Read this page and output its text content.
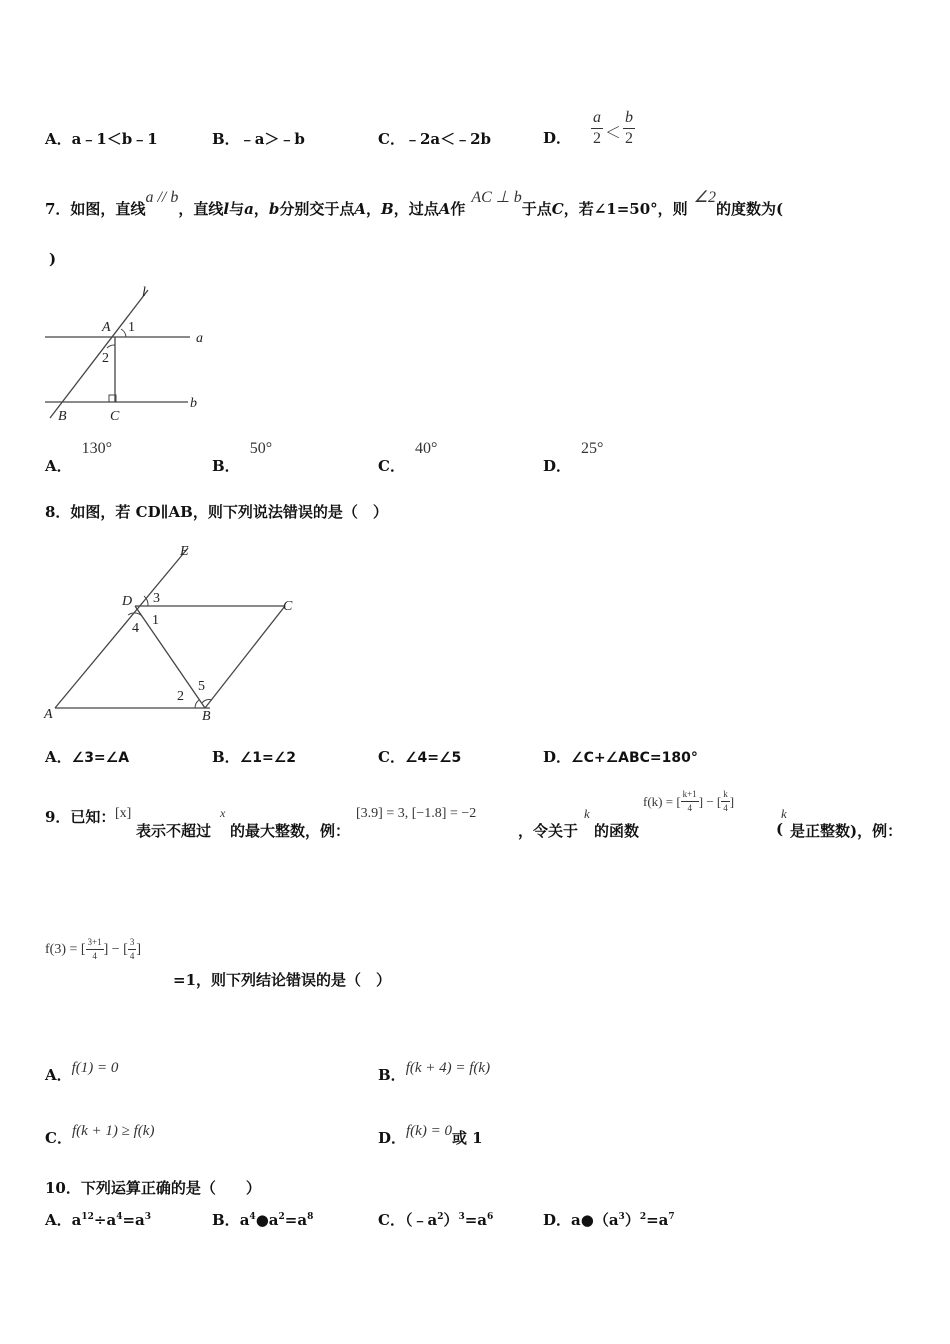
A．a﹣1＜b﹣1	B．﹣a＞﹣b	C．﹣2a＜﹣2b	D． $\frac{a}{2} < \frac{b}{2}$
7．如图，直线a // b，直线l与a，b分别交于点A，B，过点A作AC ⊥ b于点C，若∠1=50°，则∠2的度数为(
)
l
A 1
a
2
B	C
b
A．130°
B．50°
C．40°
D．25°
8．如图，若 CD∥AB，则下列说法错误的是（　）
E
D 3
C
4
1
2
5
A	B
A．∠3=∠A	B．∠1=∠2	C．∠4=∠5	D．∠C+∠ABC=180°
9．已知： [x]
表示不超过
x
的最大整数，例：
[3.9] = 3, [−1.8] = −2
，令关于
k
的函数
f(k) = [ $\frac{k+1}{4}$ ] − [ $\frac{k}{4}$ ]
(
k
是正整数)，例：
f(3) = [ $\frac{3+1}{4}$ ] − [ $\frac{3}{4}$ ]
=1，则下列结论错误的是（　）
A．f(1) = 0	B．f(k + 4) = f(k)
C．f(k + 1) ≥ f(k)	D．f(k) = 0或 1
10．下列运算正确的是（　　）
A．$a^{12}\div a^4=a^3$	B．$a^4●a^2=a^8$	C．$(﹣a^2)^3=a^6$	D．$a●(a^3)^2=a^7$
